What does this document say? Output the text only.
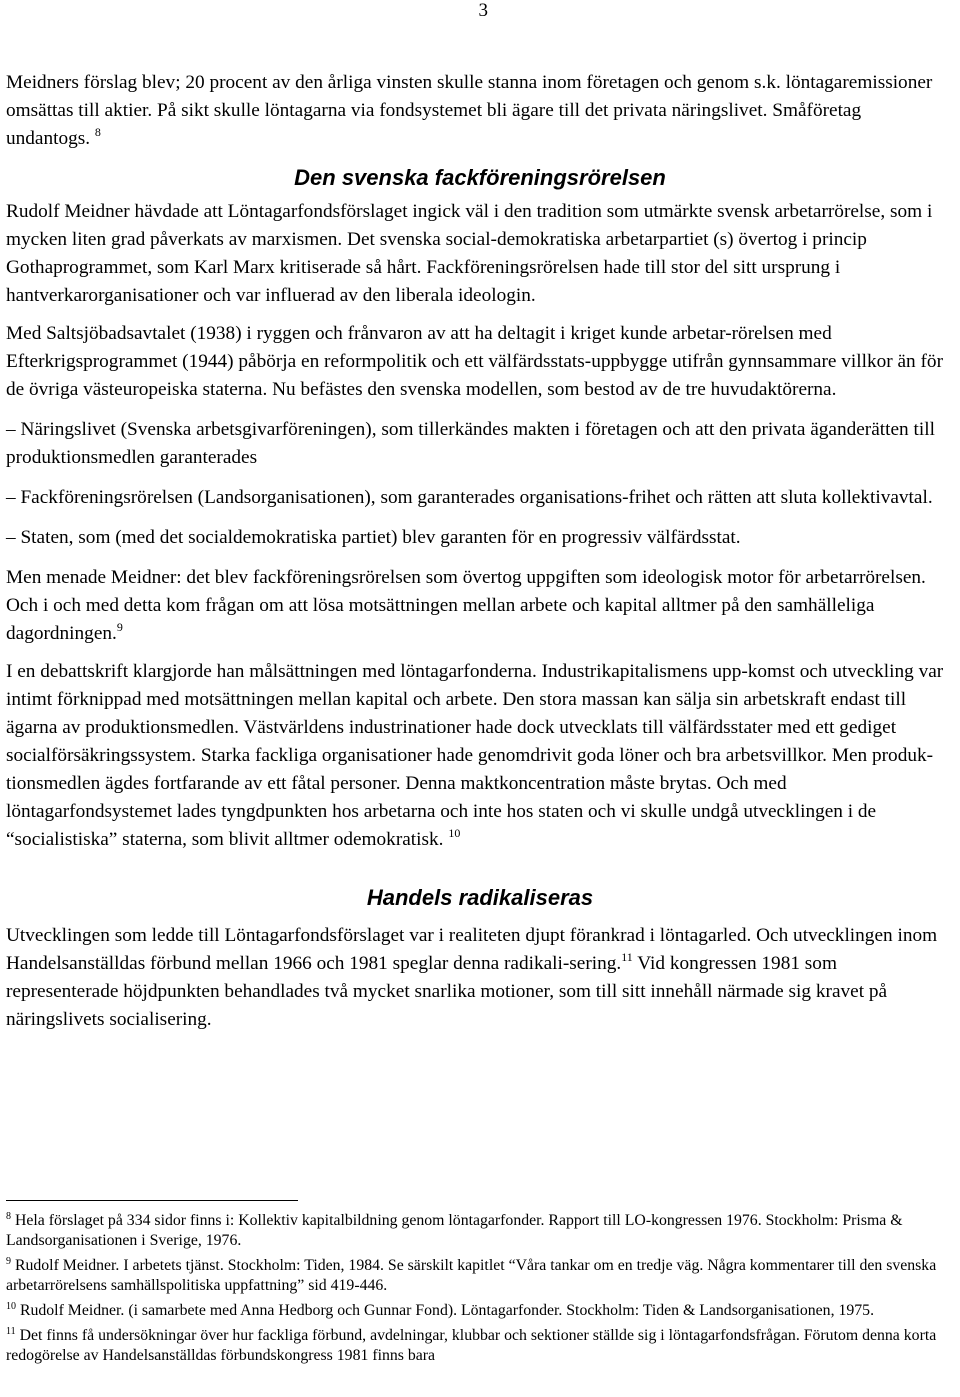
3

Meidners förslag blev; 20 procent av den årliga vinsten skulle stanna inom företagen och genom s.k. löntagaremissioner omsättas till aktier. På sikt skulle löntagarna via fondsystemet bli ägare till det privata näringslivet. Småföretag undantogs. $^8$

Den svenska fackföreningsrörelsen

Rudolf Meidner hävdade att Löntagarfondsförslaget ingick väl i den tradition som utmärkte svensk arbetarrörelse, som i mycken liten grad påverkats av marxismen. Det svenska social-demokratiska arbetarpartiet (s) övertog i princip Gothaprogrammet, som Karl Marx kritiserade så hårt. Fackföreningsrörelsen hade till stor del sitt ursprung i hantverkarorganisationer och var influerad av den liberala ideologin.

Med Saltsjöbadsavtalet (1938) i ryggen och frånvaron av att ha deltagit i kriget kunde arbetar-rörelsen med Efterkrigsprogrammet (1944) påbörja en reformpolitik och ett välfärdsstats-uppbygge utifrån gynnsammare villkor än för de övriga västeuropeiska staterna. Nu befästes den svenska modellen, som bestod av de tre huvudaktörerna.

– Näringslivet (Svenska arbetsgivarföreningen), som tillerkändes makten i företagen och att den privata äganderätten till produktionsmedlen garanterades

– Fackföreningsrörelsen (Landsorganisationen), som garanterades organisations-frihet och rätten att sluta kollektivavtal.

– Staten, som (med det socialdemokratiska partiet) blev garanten för en progressiv välfärdsstat.

Men menade Meidner: det blev fackföreningsrörelsen som övertog uppgiften som ideologisk motor för arbetarrörelsen. Och i och med detta kom frågan om att lösa motsättningen mellan arbete och kapital alltmer på den samhälleliga dagordningen.$^9$

I en debattskrift klargjorde han målsättningen med löntagarfonderna. Industrikapitalismens upp-komst och utveckling var intimt förknippad med motsättningen mellan kapital och arbete. Den stora massan kan sälja sin arbetskraft endast till ägarna av produktionsmedlen. Västvärldens industrinationer hade dock utvecklats till välfärdsstater med ett gediget socialförsäkringssystem. Starka fackliga organisationer hade genomdrivit goda löner och bra arbetsvillkor. Men produk-tionsmedlen ägdes fortfarande av ett fåtal personer. Denna maktkoncentration måste brytas. Och med löntagarfondsystemet lades tyngdpunkten hos arbetarna och inte hos staten och vi skulle undgå utvecklingen i de “socialistiska” staterna, som blivit alltmer odemokratisk. $^{10}$

Handels radikaliseras

Utvecklingen som ledde till Löntagarfondsförslaget var i realiteten djupt förankrad i löntagarled. Och utvecklingen inom Handelsanställdas förbund mellan 1966 och 1981 speglar denna radikali-sering.$^{11}$ Vid kongressen 1981 som representerade höjdpunkten behandlades två mycket snarlika motioner, som till sitt innehåll närmade sig kravet på näringslivets socialisering.

$^8$ Hela förslaget på 334 sidor finns i: Kollektiv kapitalbildning genom löntagarfonder. Rapport till LO-kongressen 1976. Stockholm: Prisma & Landsorganisationen i Sverige, 1976.

$^9$ Rudolf Meidner. I arbetets tjänst. Stockholm: Tiden, 1984. Se särskilt kapitlet “Våra tankar om en tredje väg. Några kommentarer till den svenska arbetarrörelsens samhällspolitiska uppfattning” sid 419-446.

$^{10}$ Rudolf Meidner. (i samarbete med Anna Hedborg och Gunnar Fond). Löntagarfonder. Stockholm: Tiden & Landsorganisationen, 1975.

$^{11}$ Det finns få undersökningar över hur fackliga förbund, avdelningar, klubbar och sektioner ställde sig i löntagarfondsfrågan. Förutom denna korta redogörelse av Handelsanställdas förbundskongress 1981 finns bara
